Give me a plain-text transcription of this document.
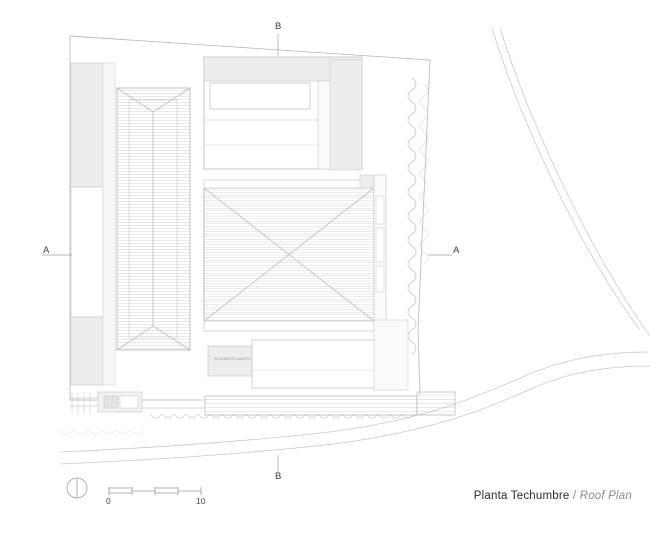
B
B
A	A
TECHUMBRE CUBIERTA
0	10	Planta Techumbre / Roof Plan
